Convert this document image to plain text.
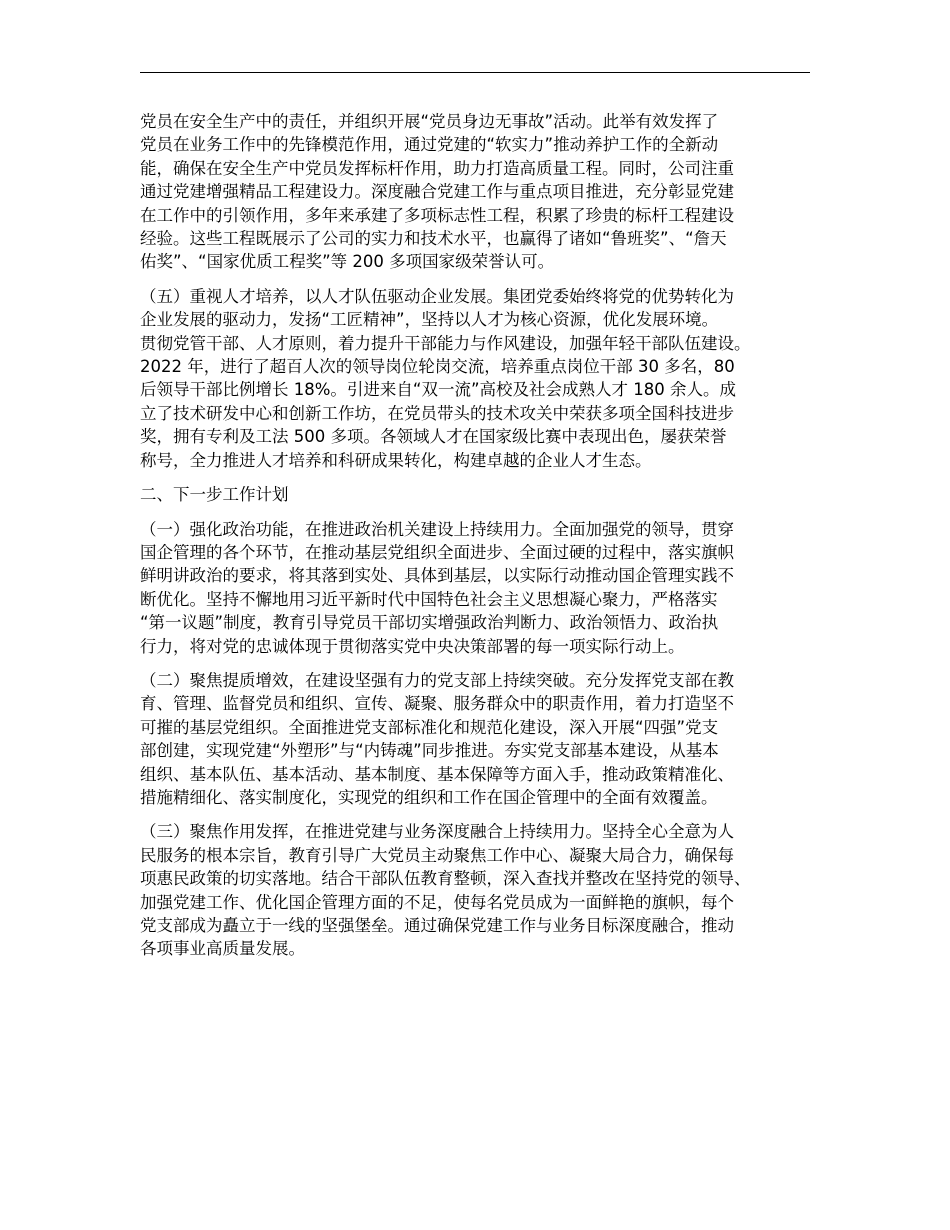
党员在安全生产中的责任，并组织开展“党员身边无事故”活动。此举有效发挥了
党员在业务工作中的先锋模范作用，通过党建的“软实力”推动养护工作的全新动
能，确保在安全生产中党员发挥标杆作用，助力打造高质量工程。同时，公司注重
通过党建增强精品工程建设力。深度融合党建工作与重点项目推进，充分彰显党建
在工作中的引领作用，多年来承建了多项标志性工程，积累了珍贵的标杆工程建设
经验。这些工程既展示了公司的实力和技术水平，也赢得了诸如“鲁班奖”、“詹天
佑奖”、“国家优质工程奖”等 200 多项国家级荣誉认可。
（五）重视人才培养，以人才队伍驱动企业发展。集团党委始终将党的优势转化为
企业发展的驱动力，发扬“工匠精神”，坚持以人才为核心资源，优化发展环境。
贯彻党管干部、人才原则，着力提升干部能力与作风建设，加强年轻干部队伍建设。
2022 年，进行了超百人次的领导岗位轮岗交流，培养重点岗位干部 30 多名，80
后领导干部比例增长 18%。引进来自“双一流”高校及社会成熟人才 180 余人。成
立了技术研发中心和创新工作坊，在党员带头的技术攻关中荣获多项全国科技进步
奖，拥有专利及工法 500 多项。各领域人才在国家级比赛中表现出色，屡获荣誉
称号，全力推进人才培养和科研成果转化，构建卓越的企业人才生态。
二、下一步工作计划
（一）强化政治功能，在推进政治机关建设上持续用力。全面加强党的领导，贯穿
国企管理的各个环节，在推动基层党组织全面进步、全面过硬的过程中，落实旗帜
鲜明讲政治的要求，将其落到实处、具体到基层，以实际行动推动国企管理实践不
断优化。坚持不懈地用习近平新时代中国特色社会主义思想凝心聚力，严格落实
“第一议题”制度，教育引导党员干部切实增强政治判断力、政治领悟力、政治执
行力，将对党的忠诚体现于贯彻落实党中央决策部署的每一项实际行动上。
（二）聚焦提质增效，在建设坚强有力的党支部上持续突破。充分发挥党支部在教
育、管理、监督党员和组织、宣传、凝聚、服务群众中的职责作用，着力打造坚不
可摧的基层党组织。全面推进党支部标准化和规范化建设，深入开展“四强”党支
部创建，实现党建“外塑形”与“内铸魂”同步推进。夯实党支部基本建设，从基本
组织、基本队伍、基本活动、基本制度、基本保障等方面入手，推动政策精准化、
措施精细化、落实制度化，实现党的组织和工作在国企管理中的全面有效覆盖。
（三）聚焦作用发挥，在推进党建与业务深度融合上持续用力。坚持全心全意为人
民服务的根本宗旨，教育引导广大党员主动聚焦工作中心、凝聚大局合力，确保每
项惠民政策的切实落地。结合干部队伍教育整顿，深入查找并整改在坚持党的领导、
加强党建工作、优化国企管理方面的不足，使每名党员成为一面鲜艳的旗帜，每个
党支部成为矗立于一线的坚强堡垒。通过确保党建工作与业务目标深度融合，推动
各项事业高质量发展。
